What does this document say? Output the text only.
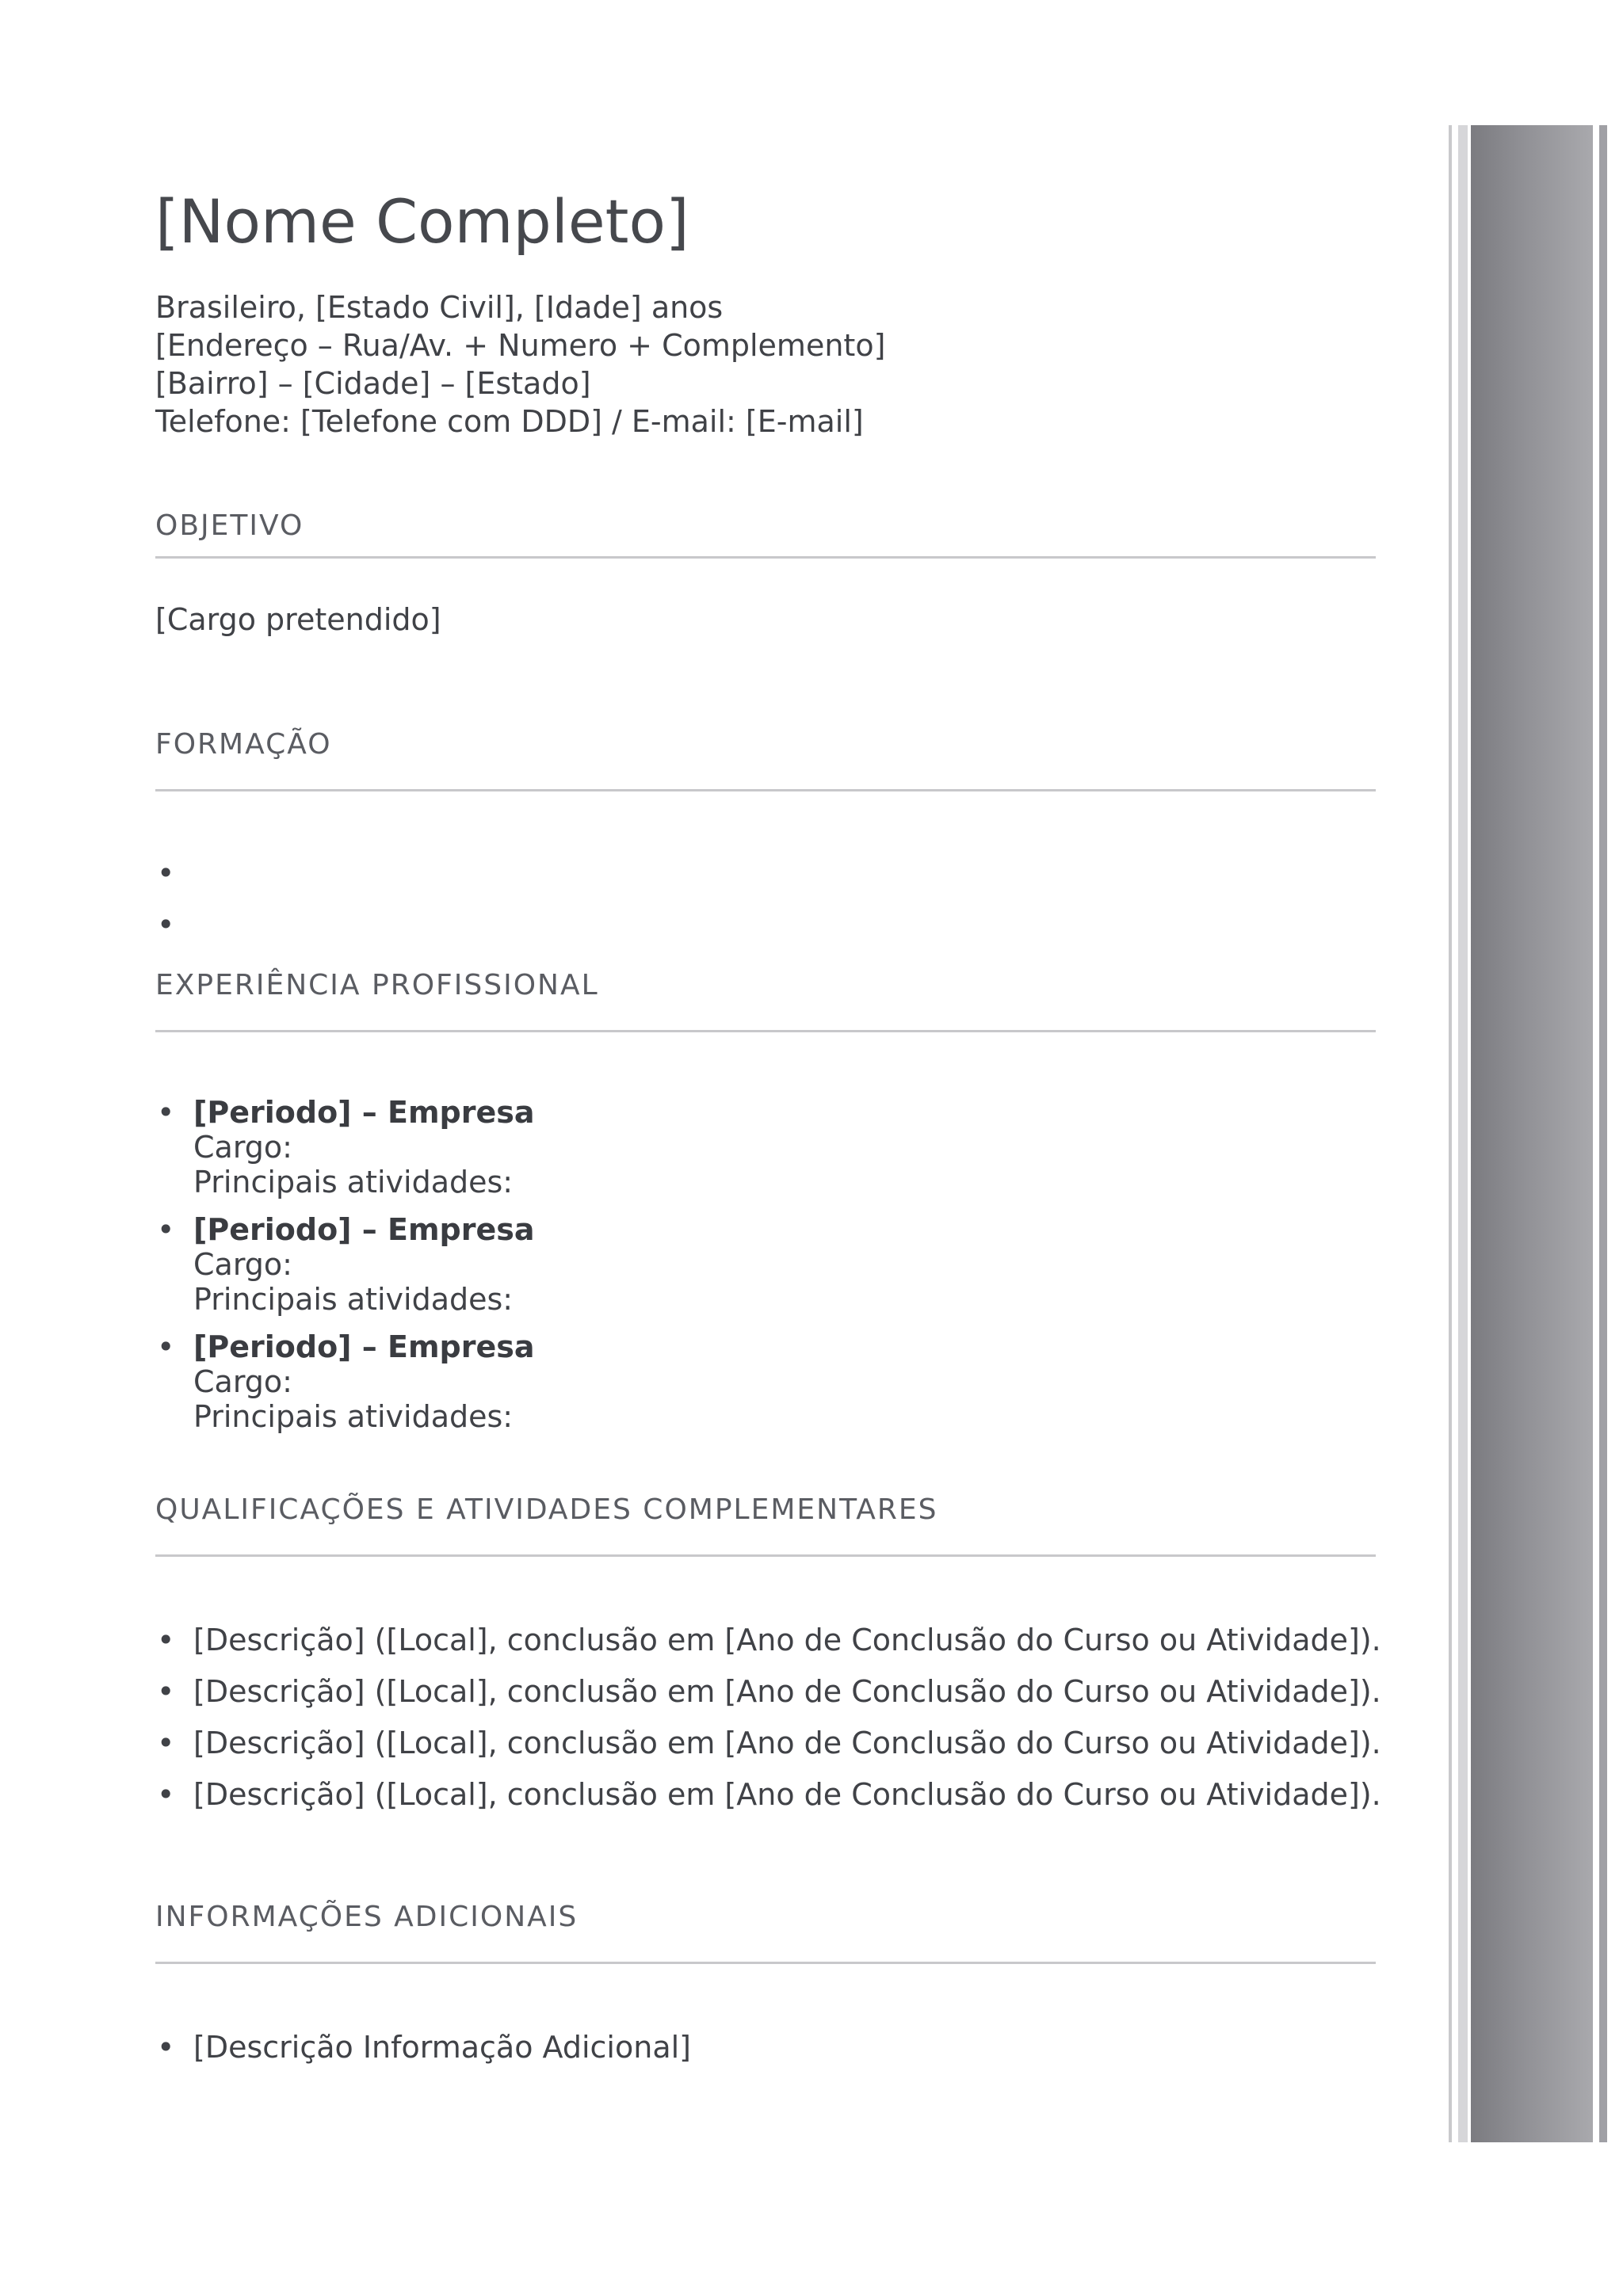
[Nome Completo]
Brasileiro, [Estado Civil], [Idade] anos
[Endereço – Rua/Av. + Numero + Complemento]
[Bairro] – [Cidade] – [Estado]
Telefone: [Telefone com DDD] / E-mail: [E-mail]
OBJETIVO
[Cargo pretendido]
FORMAÇÃO
•
•
EXPERIÊNCIA PROFISSIONAL
• [Periodo] – Empresa
Cargo:
Principais atividades:
• [Periodo] – Empresa
Cargo:
Principais atividades:
• [Periodo] – Empresa
Cargo:
Principais atividades:
QUALIFICAÇÕES E ATIVIDADES COMPLEMENTARES
• [Descrição] ([Local], conclusão em [Ano de Conclusão do Curso ou Atividade]).
• [Descrição] ([Local], conclusão em [Ano de Conclusão do Curso ou Atividade]).
• [Descrição] ([Local], conclusão em [Ano de Conclusão do Curso ou Atividade]).
• [Descrição] ([Local], conclusão em [Ano de Conclusão do Curso ou Atividade]).
INFORMAÇÕES ADICIONAIS
• [Descrição Informação Adicional]
